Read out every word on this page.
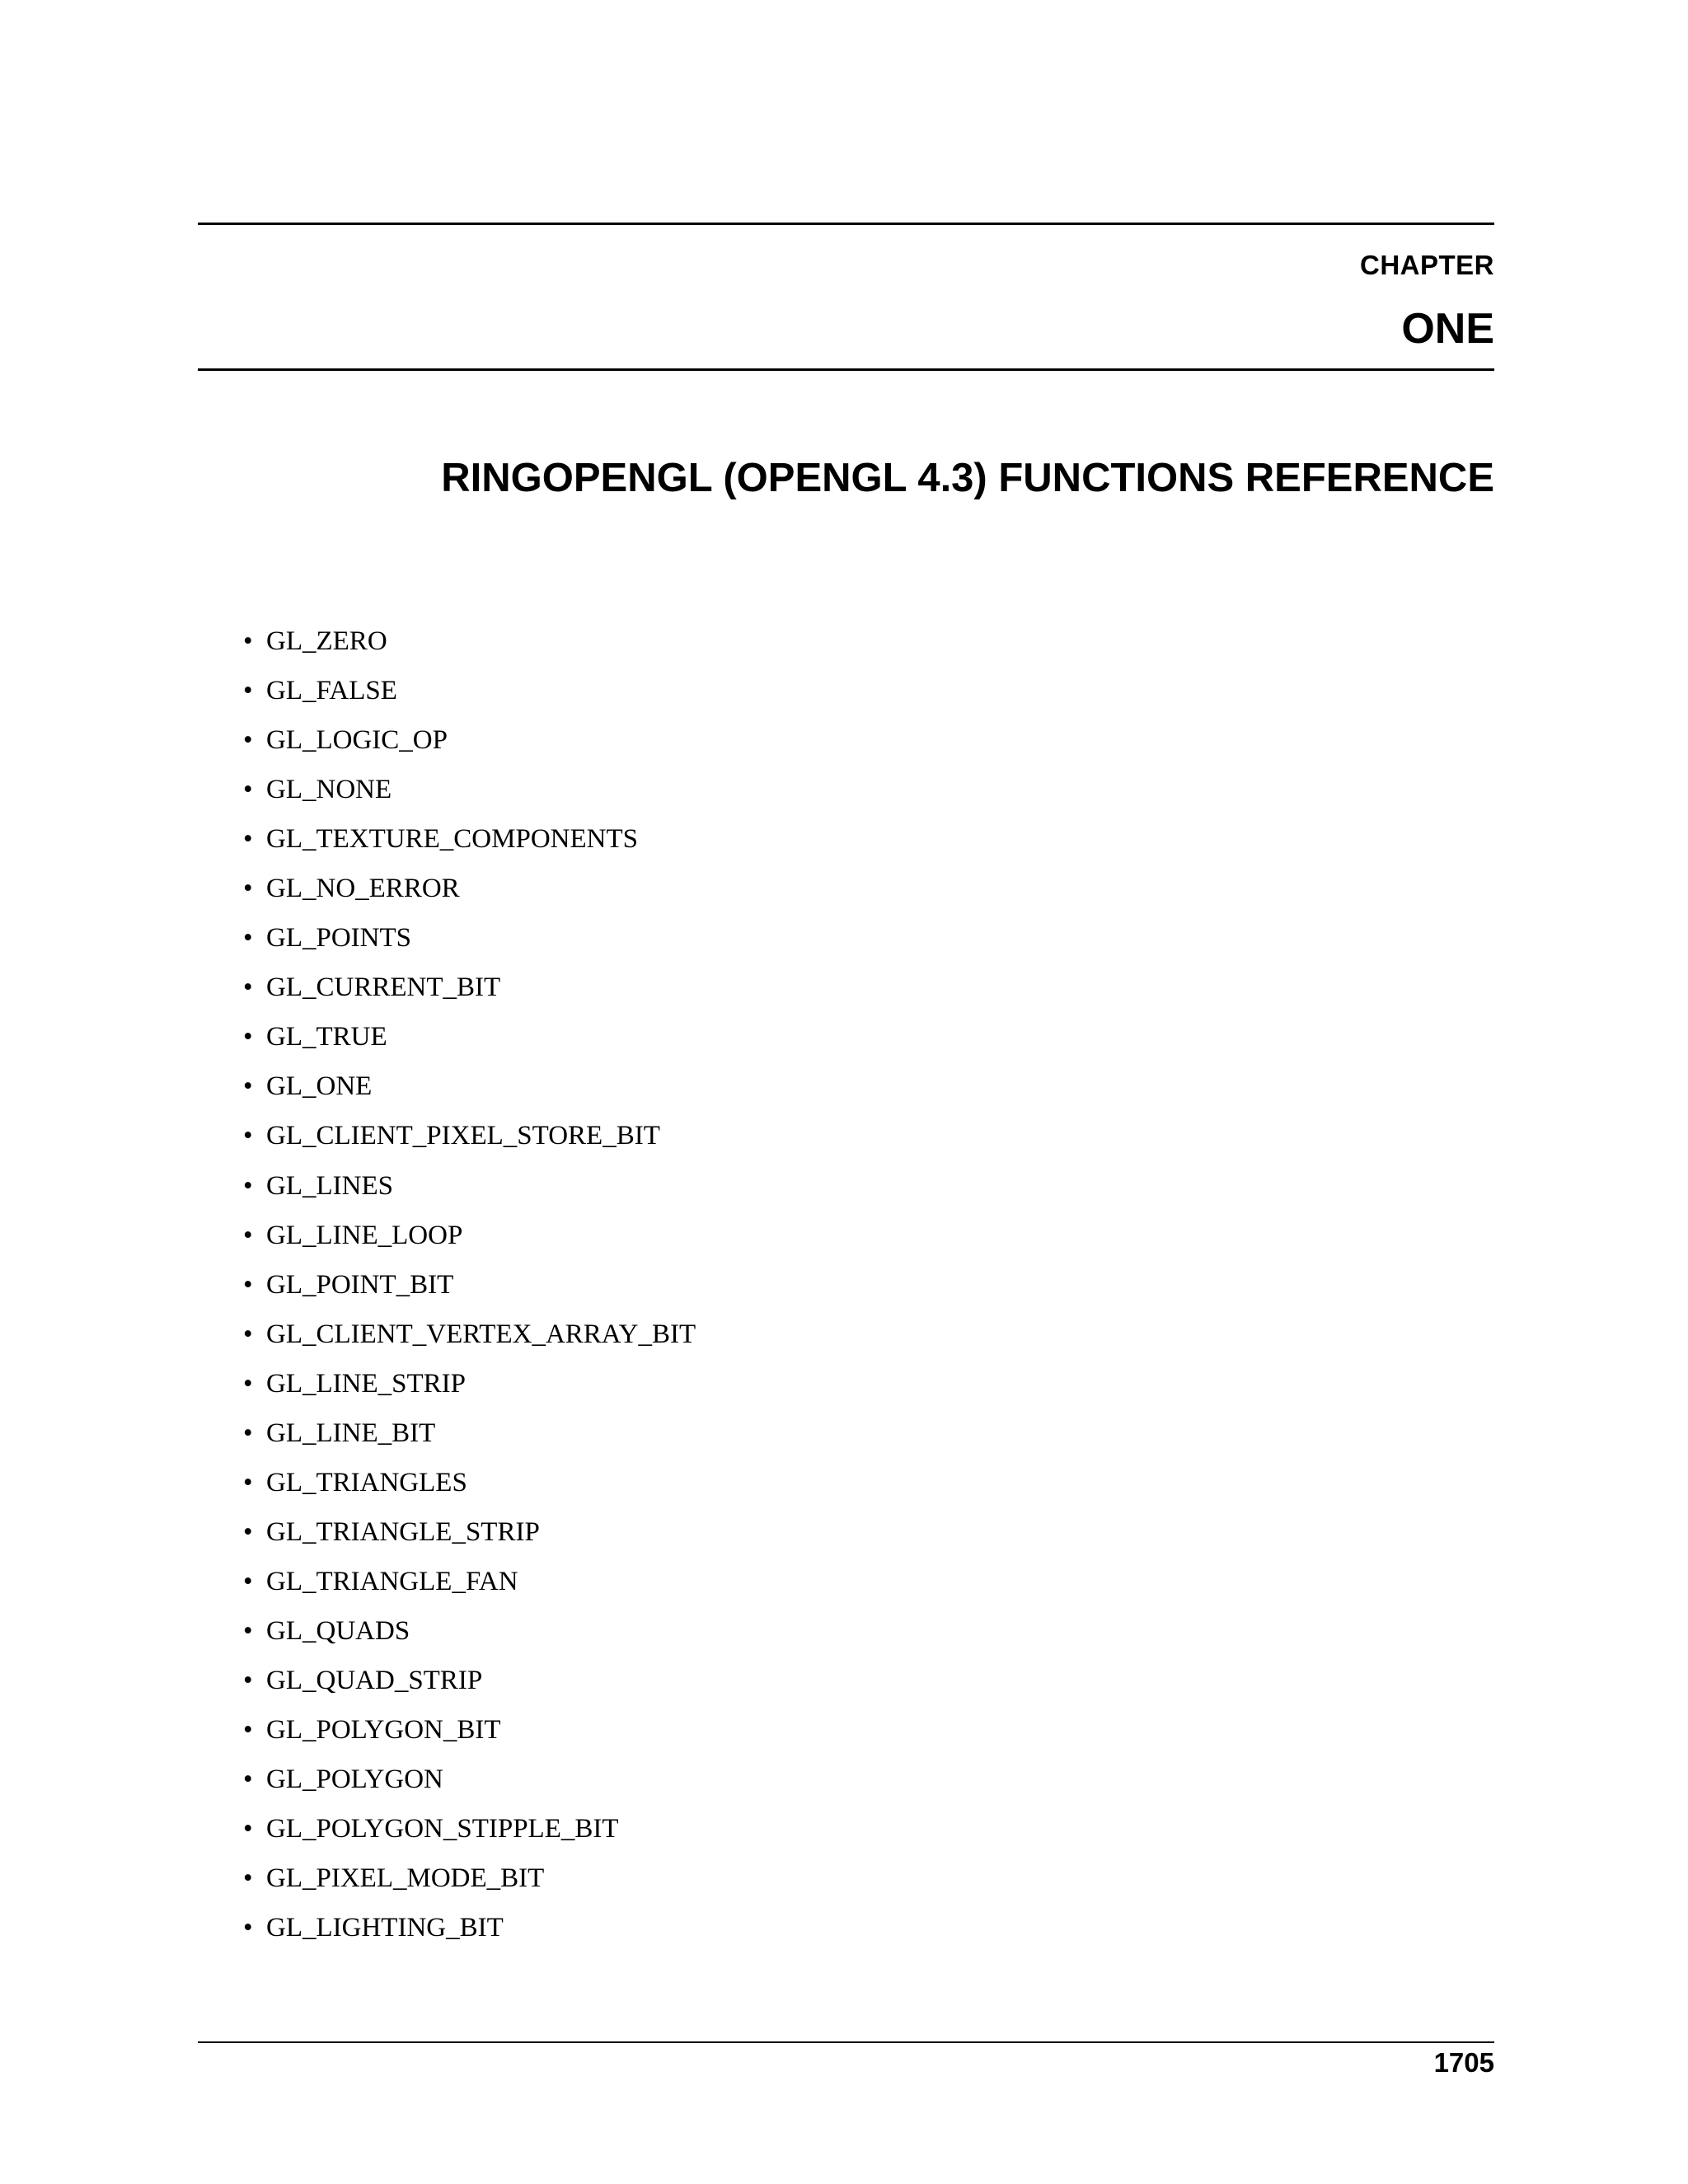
CHAPTER
ONE
RINGOPENGL (OPENGL 4.3) FUNCTIONS REFERENCE
• GL_ZERO
• GL_FALSE
• GL_LOGIC_OP
• GL_NONE
• GL_TEXTURE_COMPONENTS
• GL_NO_ERROR
• GL_POINTS
• GL_CURRENT_BIT
• GL_TRUE
• GL_ONE
• GL_CLIENT_PIXEL_STORE_BIT
• GL_LINES
• GL_LINE_LOOP
• GL_POINT_BIT
• GL_CLIENT_VERTEX_ARRAY_BIT
• GL_LINE_STRIP
• GL_LINE_BIT
• GL_TRIANGLES
• GL_TRIANGLE_STRIP
• GL_TRIANGLE_FAN
• GL_QUADS
• GL_QUAD_STRIP
• GL_POLYGON_BIT
• GL_POLYGON
• GL_POLYGON_STIPPLE_BIT
• GL_PIXEL_MODE_BIT
• GL_LIGHTING_BIT
1705
